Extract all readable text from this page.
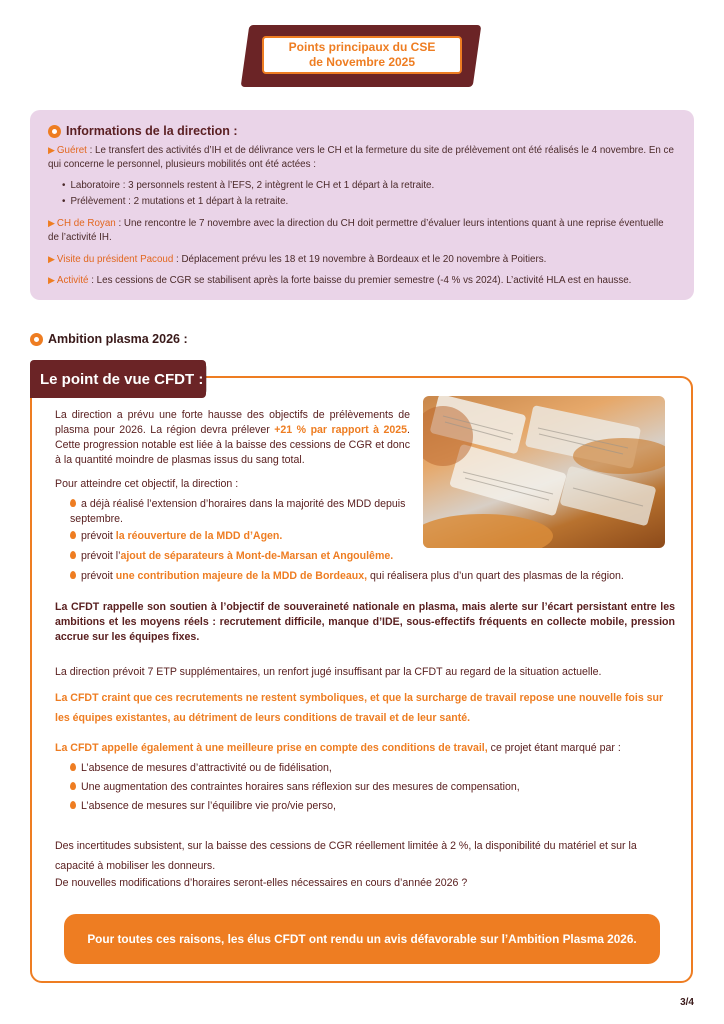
Points principaux du CSE
de Novembre 2025
Informations de la direction :

▶ Guéret : Le transfert des activités d’IH et de délivrance vers le CH et la fermeture du site de prélèvement ont été réalisés le 4 novembre. En ce qui concerne le personnel, plusieurs mobilités ont été actées :

• Laboratoire : 3 personnels restent à l’EFS, 2 intègrent le CH et 1 départ à la retraite.
• Prélèvement : 2 mutations et 1 départ à la retraite.

▶ CH de Royan : Une rencontre le 7 novembre avec la direction du CH doit permettre d’évaluer leurs intentions quant à une reprise éventuelle de l’activité IH.

▶ Visite du président Pacoud : Déplacement prévu les 18 et 19 novembre à Bordeaux et le 20 novembre à Poitiers.

▶ Activité : Les cessions de CGR se stabilisent après la forte baisse du premier semestre (-4 % vs 2024). L’activité HLA est en hausse.

Ambition plasma 2026 :
Le point de vue CFDT :
La direction a prévu une forte hausse des objectifs de prélèvements de plasma pour 2026. La région devra prélever +21 % par rapport à 2025. Cette progression notable est liée à la baisse des cessions de CGR et donc à la quantité moindre de plasmas issus du sang total.
Pour atteindre cet objectif, la direction :
a déjà réalisé l’extension d’horaires dans la majorité des MDD depuis septembre.
prévoit la réouverture de la MDD d’Agen.
prévoit l’ajout de séparateurs à Mont-de-Marsan et Angoulême.
prévoit une contribution majeure de la MDD de Bordeaux, qui réalisera plus d’un quart des plasmas de la région.
La CFDT rappelle son soutien à l’objectif de souveraineté nationale en plasma, mais alerte sur l’écart persistant entre les ambitions et les moyens réels : recrutement difficile, manque d’IDE, sous-effectifs fréquents en collecte mobile, pression accrue sur les équipes fixes.
La direction prévoit 7 ETP supplémentaires, un renfort jugé insuffisant par la CFDT au regard de la situation actuelle.
La CFDT craint que ces recrutements ne restent symboliques, et que la surcharge de travail repose une nouvelle fois sur les équipes existantes, au détriment de leurs conditions de travail et de leur santé.
La CFDT appelle également à une meilleure prise en compte des conditions de travail, ce projet étant marqué par :
L’absence de mesures d’attractivité ou de fidélisation,
Une augmentation des contraintes horaires sans réflexion sur des mesures de compensation,
L’absence de mesures sur l’équilibre vie pro/vie perso,
Des incertitudes subsistent, sur la baisse des cessions de CGR réellement limitée à 2 %, la disponibilité du matériel et sur la capacité à mobiliser les donneurs.
De nouvelles modifications d’horaires seront-elles nécessaires en cours d’année 2026 ?
Pour toutes ces raisons, les élus CFDT ont rendu un avis défavorable sur l’Ambition Plasma 2026.
3/4
